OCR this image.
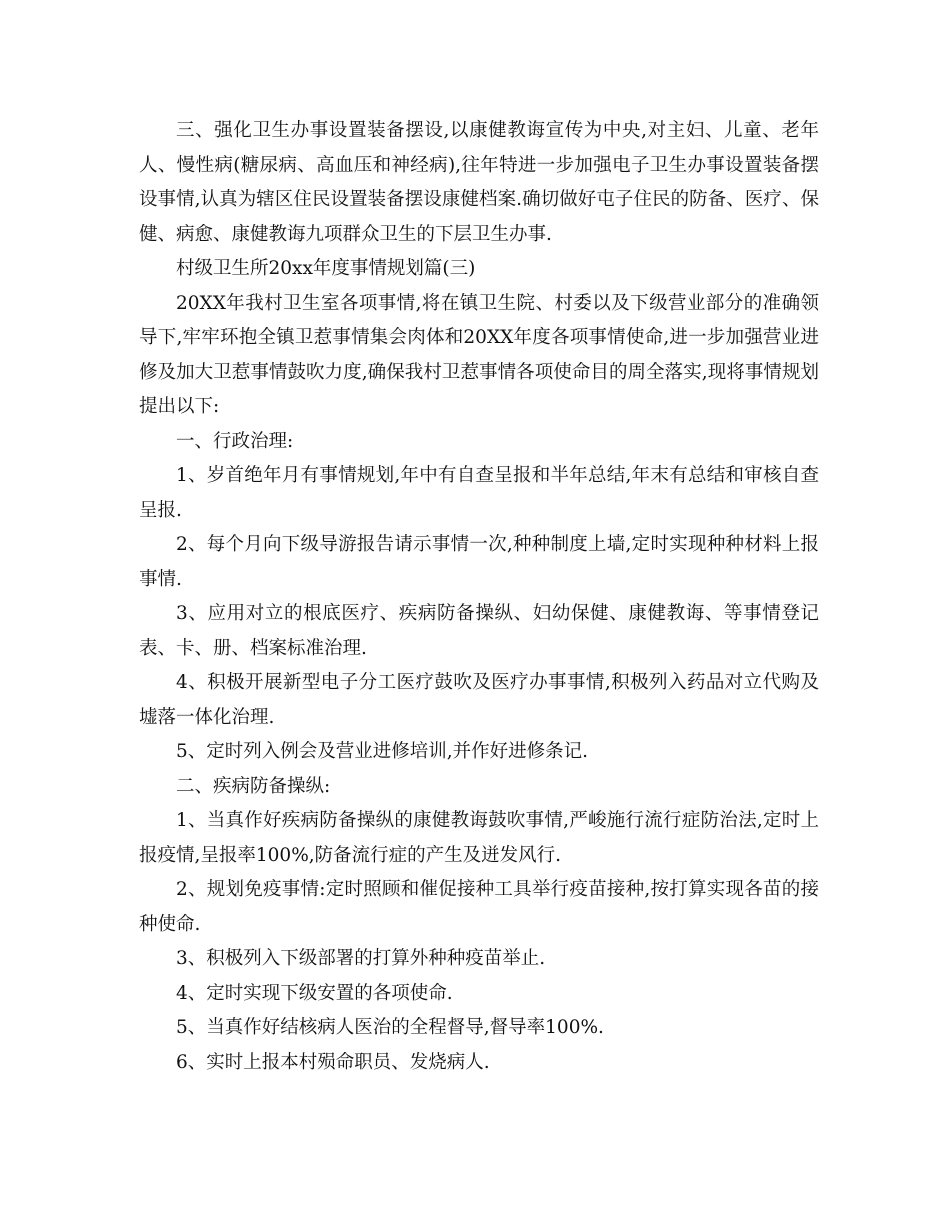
三、强化卫生办事设置装备摆设,以康健教诲宣传为中央,对主妇、儿童、老年人、慢性病(糖尿病、高血压和神经病),往年特进一步加强电子卫生办事设置装备摆设事情,认真为辖区住民设置装备摆设康健档案.确切做好屯子住民的防备、医疗、保健、病愈、康健教诲九项群众卫生的下层卫生办事.

村级卫生所20xx年度事情规划篇(三)

20XX年我村卫生室各项事情,将在镇卫生院、村委以及下级营业部分的准确领导下,牢牢环抱全镇卫惹事情集会肉体和20XX年度各项事情使命,进一步加强营业进修及加大卫惹事情鼓吹力度,确保我村卫惹事情各项使命目的周全落实,现将事情规划提出以下:

一、行政治理:

1、岁首绝年月有事情规划,年中有自查呈报和半年总结,年末有总结和审核自查呈报.

2、每个月向下级导游报告请示事情一次,种种制度上墙,定时实现种种材料上报事情.

3、应用对立的根底医疗、疾病防备操纵、妇幼保健、康健教诲、等事情登记表、卡、册、档案标准治理.

4、积极开展新型电子分工医疗鼓吹及医疗办事事情,积极列入药品对立代购及墟落一体化治理.

5、定时列入例会及营业进修培训,并作好进修条记.

二、疾病防备操纵:

1、当真作好疾病防备操纵的康健教诲鼓吹事情,严峻施行流行症防治法,定时上报疫情,呈报率100%,防备流行症的产生及迸发风行.

2、规划免疫事情:定时照顾和催促接种工具举行疫苗接种,按打算实现各苗的接种使命.

3、积极列入下级部署的打算外种种疫苗举止.

4、定时实现下级安置的各项使命.

5、当真作好结核病人医治的全程督导,督导率100%.

6、实时上报本村殒命职员、发烧病人.
